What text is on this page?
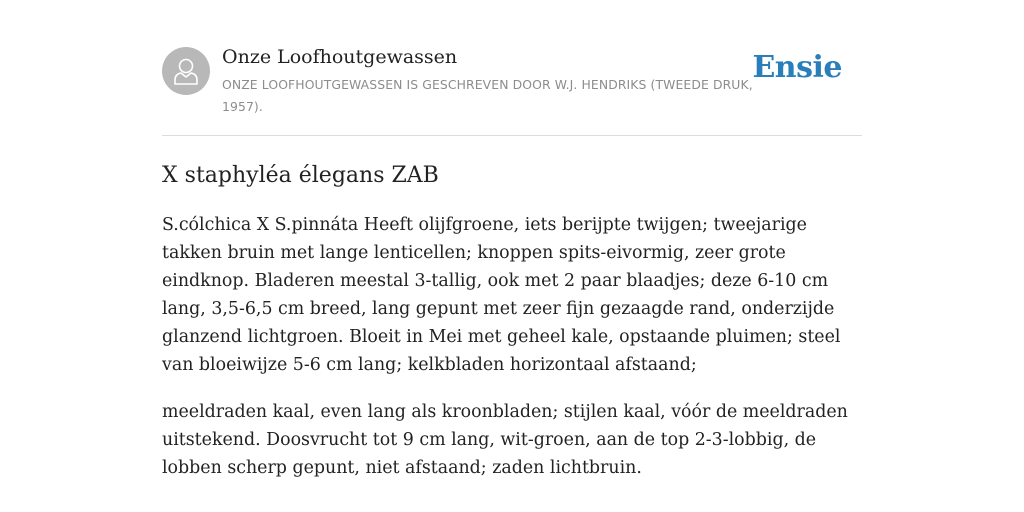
Onze Loofhoutgewassen
ONZE LOOFHOUTGEWASSEN IS GESCHREVEN DOOR W.J. HENDRIKS (TWEEDE DRUK, 1957).
Ensie
X staphyléa élegans ZAB

S.cólchica X S.pinnáta Heeft olijfgroene, iets berijpte twijgen; tweejarige takken bruin met lange lenticellen; knoppen spits-eivormig, zeer grote eindknop. Bladeren meestal 3-tallig, ook met 2 paar blaadjes; deze 6-10 cm lang, 3,5-6,5 cm breed, lang gepunt met zeer fijn gezaagde rand, onderzijde glanzend lichtgroen. Bloeit in Mei met geheel kale, opstaande pluimen; steel van bloeiwijze 5-6 cm lang; kelkbladen horizontaal afstaand;

meeldraden kaal, even lang als kroonbladen; stijlen kaal, vóór de meeldraden uitstekend. Doosvrucht tot 9 cm lang, wit-groen, aan de top 2-3-lobbig, de lobben scherp gepunt, niet afstaand; zaden lichtbruin.
